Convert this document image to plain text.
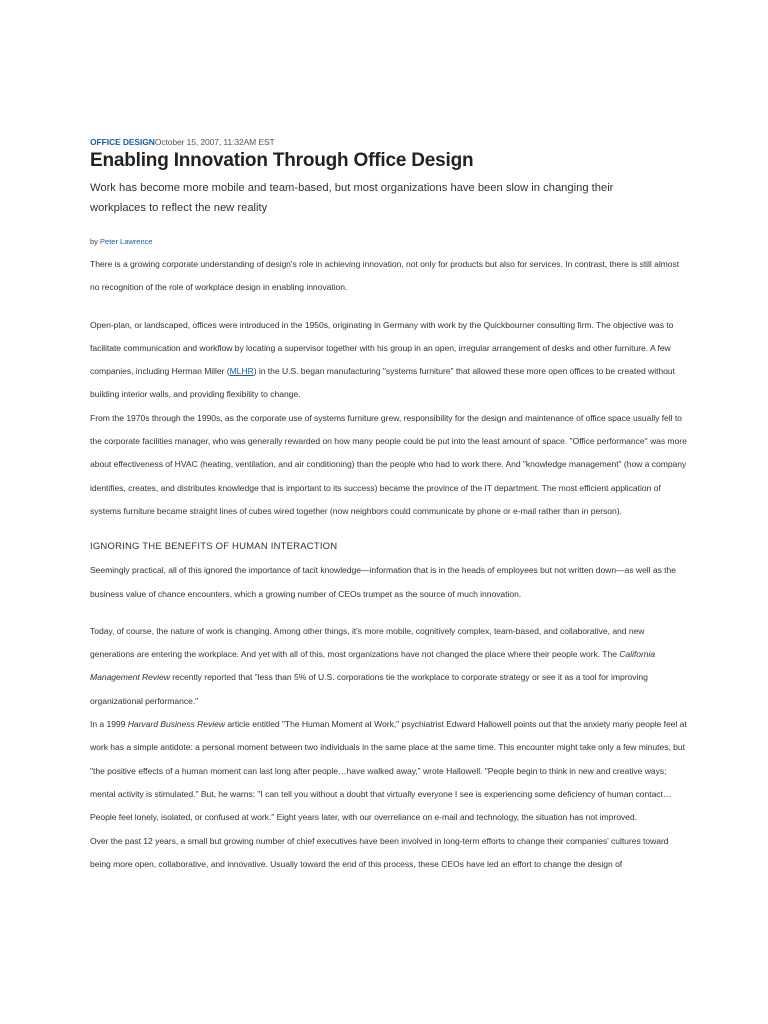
OFFICE DESIGNOctober 15, 2007, 11:32AM EST
Enabling Innovation Through Office Design

Work has become more mobile and team-based, but most organizations have been slow in changing their workplaces to reflect the new reality

by Peter Lawrence

There is a growing corporate understanding of design's role in achieving innovation, not only for products but also for services. In contrast, there is still almost no recognition of the role of workplace design in enabling innovation.

Open-plan, or landscaped, offices were introduced in the 1950s, originating in Germany with work by the Quickbourner consulting firm. The objective was to facilitate communication and workflow by locating a supervisor together with his group in an open, irregular arrangement of desks and other furniture. A few companies, including Herman Miller (MLHR) in the U.S. began manufacturing "systems furniture" that allowed these more open offices to be created without building interior walls, and providing flexibility to change.

From the 1970s through the 1990s, as the corporate use of systems furniture grew, responsibility for the design and maintenance of office space usually fell to the corporate facilities manager, who was generally rewarded on how many people could be put into the least amount of space. "Office performance" was more about effectiveness of HVAC (heating, ventilation, and air conditioning) than the people who had to work there. And "knowledge management" (how a company identifies, creates, and distributes knowledge that is important to its success) became the province of the IT department. The most efficient application of systems furniture became straight lines of cubes wired together (now neighbors could communicate by phone or e-mail rather than in person).

IGNORING THE BENEFITS OF HUMAN INTERACTION

Seemingly practical, all of this ignored the importance of tacit knowledge—information that is in the heads of employees but not written down—as well as the business value of chance encounters, which a growing number of CEOs trumpet as the source of much innovation.

Today, of course, the nature of work is changing. Among other things, it's more mobile, cognitively complex, team-based, and collaborative, and new generations are entering the workplace. And yet with all of this, most organizations have not changed the place where their people work. The California Management Review recently reported that "less than 5% of U.S. corporations tie the workplace to corporate strategy or see it as a tool for improving organizational performance."

In a 1999 Harvard Business Review article entitled "The Human Moment at Work," psychiatrist Edward Hallowell points out that the anxiety many people feel at work has a simple antidote: a personal moment between two individuals in the same place at the same time. This encounter might take only a few minutes, but "the positive effects of a human moment can last long after people…have walked away," wrote Hallowell. "People begin to think in new and creative ways; mental activity is stimulated." But, he warns: "I can tell you without a doubt that virtually everyone I see is experiencing some deficiency of human contact…People feel lonely, isolated, or confused at work." Eight years later, with our overreliance on e-mail and technology, the situation has not improved.

Over the past 12 years, a small but growing number of chief executives have been involved in long-term efforts to change their companies' cultures toward being more open, collaborative, and innovative. Usually toward the end of this process, these CEOs have led an effort to change the design of
